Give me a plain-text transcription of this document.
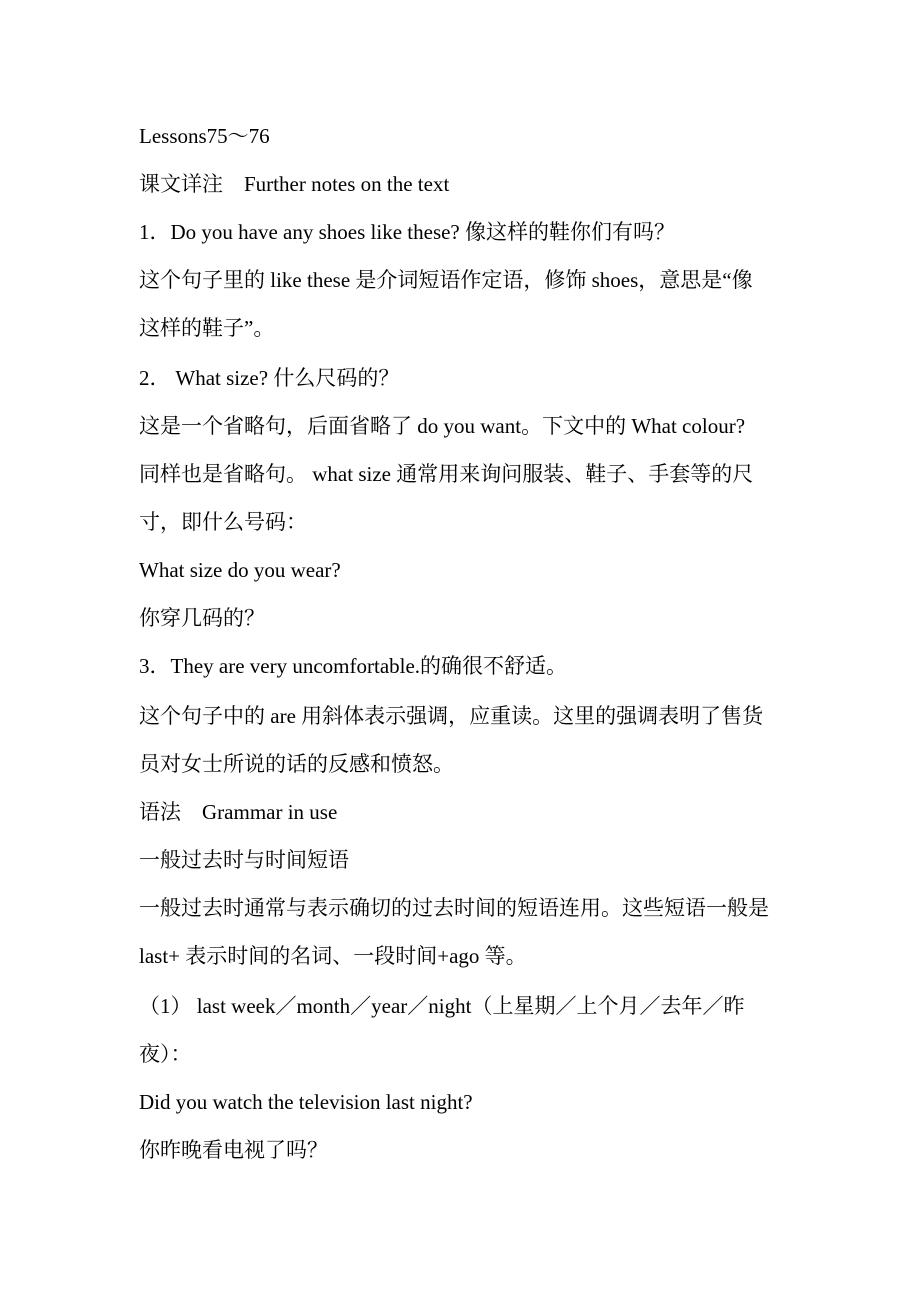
Lessons75～76
课文详注　Further notes on the text
1．Do you have any shoes like these? 像这样的鞋你们有吗？
这个句子里的 like these 是介词短语作定语，修饰 shoes，意思是“像
这样的鞋子”。
2． What size? 什么尺码的？
这是一个省略句，后面省略了 do you want。下文中的 What colour?
同样也是省略句。 what size 通常用来询问服装、鞋子、手套等的尺
寸，即什么号码：
What size do you wear?
你穿几码的？
3．They are very uncomfortable.的确很不舒适。
这个句子中的 are 用斜体表示强调，应重读。这里的强调表明了售货
员对女士所说的话的反感和愤怒。
语法　Grammar in use
一般过去时与时间短语
一般过去时通常与表示确切的过去时间的短语连用。这些短语一般是
last+ 表示时间的名词、一段时间+ago 等。
（1） last week／month／year／night（上星期／上个月／去年／昨
夜）：
Did you watch the television last night?
你昨晚看电视了吗？
